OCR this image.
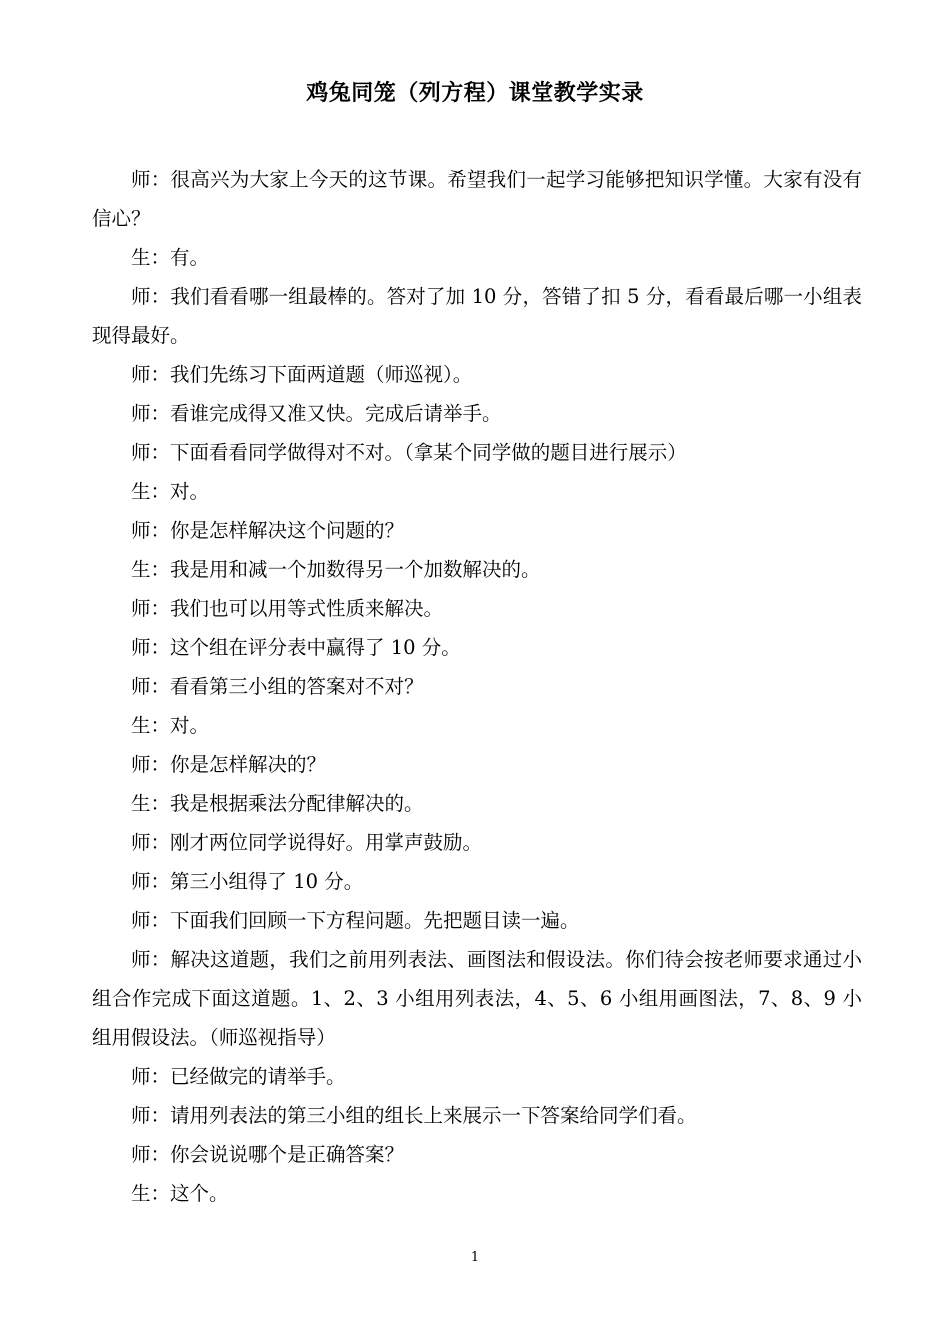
鸡兔同笼（列方程）课堂教学实录

师：很高兴为大家上今天的这节课。希望我们一起学习能够把知识学懂。大家有没有信心？

生：有。

师：我们看看哪一组最棒的。答对了加 10 分，答错了扣 5 分，看看最后哪一小组表现得最好。

师：我们先练习下面两道题（师巡视）。

师：看谁完成得又准又快。完成后请举手。

师：下面看看同学做得对不对。（拿某个同学做的题目进行展示）

生：对。

师：你是怎样解决这个问题的？

生：我是用和减一个加数得另一个加数解决的。

师：我们也可以用等式性质来解决。

师：这个组在评分表中赢得了 10 分。

师：看看第三小组的答案对不对？

生：对。

师：你是怎样解决的？

生：我是根据乘法分配律解决的。

师：刚才两位同学说得好。用掌声鼓励。

师：第三小组得了 10 分。

师：下面我们回顾一下方程问题。先把题目读一遍。

师：解决这道题，我们之前用列表法、画图法和假设法。你们待会按老师要求通过小组合作完成下面这道题。1、2、3 小组用列表法，4、5、6 小组用画图法，7、8、9 小组用假设法。（师巡视指导）

师：已经做完的请举手。

师：请用列表法的第三小组的组长上来展示一下答案给同学们看。

师：你会说说哪个是正确答案？

生：这个。

1
